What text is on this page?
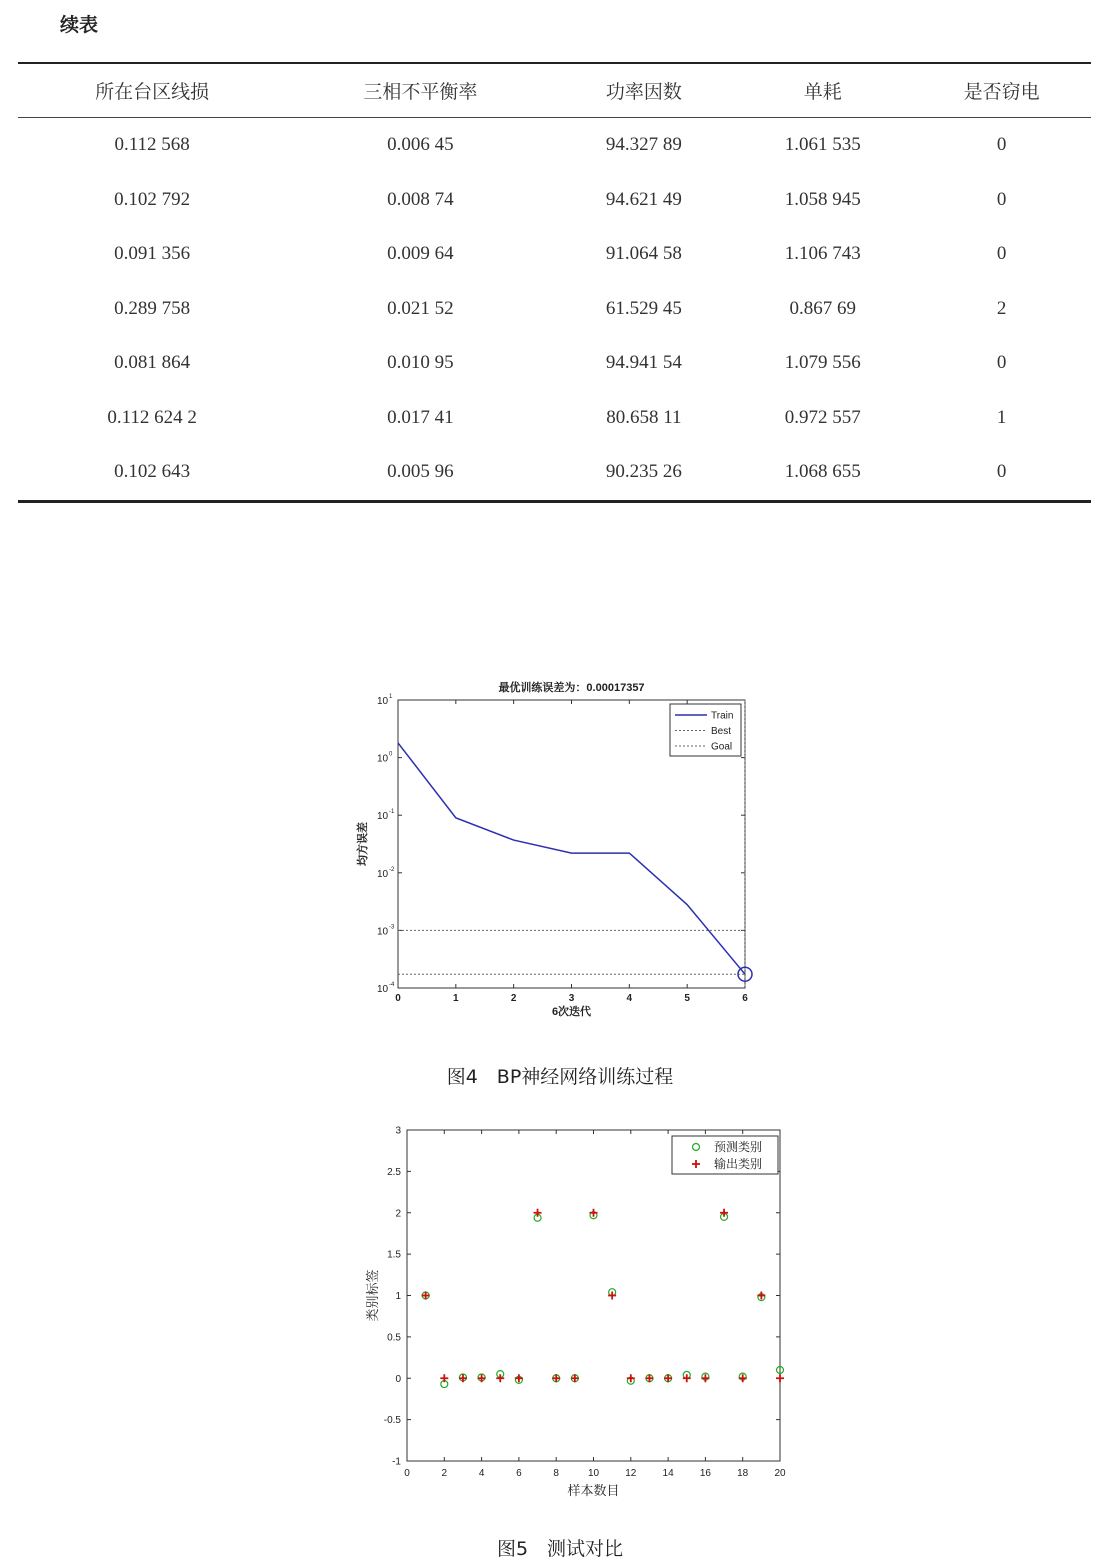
续表
所在台区线损	三相不平衡率	功率因数	单耗	是否窃电
0.112 568	0.006 45	94.327 89	1.061 535	0
0.102 792	0.008 74	94.621 49	1.058 945	0
0.091 356	0.009 64	91.064 58	1.106 743	0
0.289 758	0.021 52	61.529 45	0.867 69	2
0.081 864	0.010 95	94.941 54	1.079 556	0
0.112 624 2	0.017 41	80.658 11	0.972 557	1
0.102 643	0.005 96	90.235 26	1.068 655	0
最优训练误差为：0.00017357
0	1	2	3	4	5	6
10 1
10 0
10 -1
10 -2
10 -3
10 -4
6次迭代
均方误差
Train
Best
Goal
图4　BP神经网络训练过程
0	2	4	6	8	10	12	14	16	18	20
-1
-0.5
0
0.5
1
1.5
2
2.5
3
样本数目
类别标签
预测类别
输出类别
图5　测试对比
